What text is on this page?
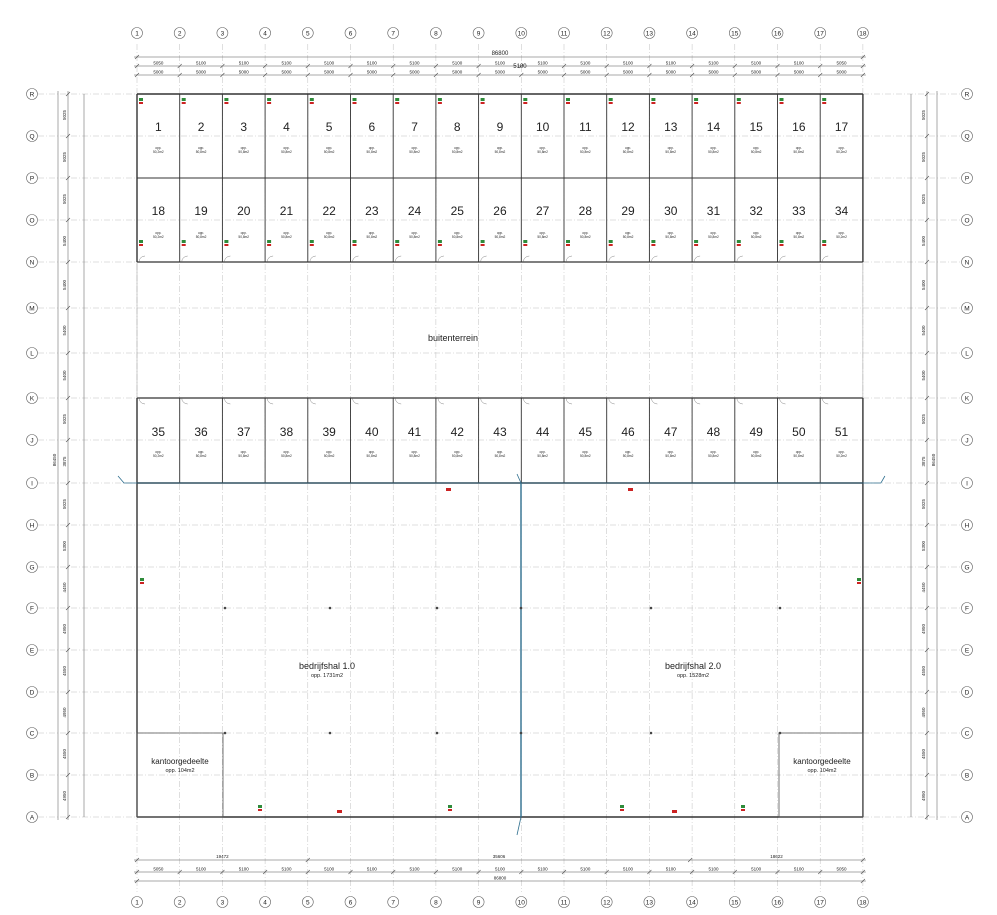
86800
5050	5100	5100	5100	5100	5100	5100	5100	5100	5100	5100	5100	5100	5100	5100	5100	5050
5000	5000	5000	5000	5000	5000	5000	5000	5000	5000	5000	5000	5000	5000	5000	5000	5000
5100
19472	35606	18622
5050	5100	5100	5100	5100	5100	5100	5100	5100	5100	5100	5100	5100	5100	5100	5100	5050
86800
5025
5025
5025
5400
5400
5400
5400
5025
3875
5025
5300
4450
4950
4550
4950
4550
4950
86450
5025
5025
5025
5400
5400
5400
5400
5025
3875
5025
5300
4450
4950
4550
4950
4550
4950
86450
1
opp.
50,2m2
2
opp.
50,8m2
3
opp.
50,8m2
4
opp.
50,8m2
5
opp.
50,8m2
6
opp.
50,8m2
7
opp.
50,8m2
8
opp.
50,8m2
9
opp.
50,8m2
10
opp.
50,8m2
11
opp.
50,8m2
12
opp.
50,8m2
13
opp.
50,8m2
14
opp.
50,8m2
15
opp.
50,8m2
16
opp.
50,8m2
17
opp.
50,2m2
18
opp.
50,2m2
19
opp.
50,8m2
20
opp.
50,8m2
21
opp.
50,8m2
22
opp.
50,8m2
23
opp.
50,8m2
24
opp.
50,8m2
25
opp.
50,8m2
26
opp.
50,8m2
27
opp.
50,8m2
28
opp.
50,8m2
29
opp.
50,8m2
30
opp.
50,8m2
31
opp.
50,8m2
32
opp.
50,8m2
33
opp.
50,8m2
34
opp.
50,2m2
35
opp.
50,2m2
36
opp.
50,8m2
37
opp.
50,8m2
38
opp.
50,8m2
39
opp.
50,8m2
40
opp.
50,8m2
41
opp.
50,8m2
42
opp.
50,8m2
43
opp.
50,8m2
44
opp.
50,8m2
45
opp.
50,8m2
46
opp.
50,8m2
47
opp.
50,8m2
48
opp.
50,8m2
49
opp.
50,8m2
50
opp.
50,8m2
51
opp.
50,2m2
buitenterrein
bedrijfshal 1.0
opp. 1731m2
bedrijfshal 2.0
opp. 1528m2
kantoorgedeelte
opp. 104m2
kantoorgedeelte
opp. 104m2
1
1
2
2
3
3
4
4
5
5
6
6
7
7
8
8
9
9
10
10
11
11
12
12
13
13
14
14
15
15
16
16
17
17
18
18
A	A
B	B
C	C
D	D
E	E
F	F
G	G
H	H
I	I
J	J
K	K
L	L
M	M
N	N
O	O
P	P
Q	Q
R	R
